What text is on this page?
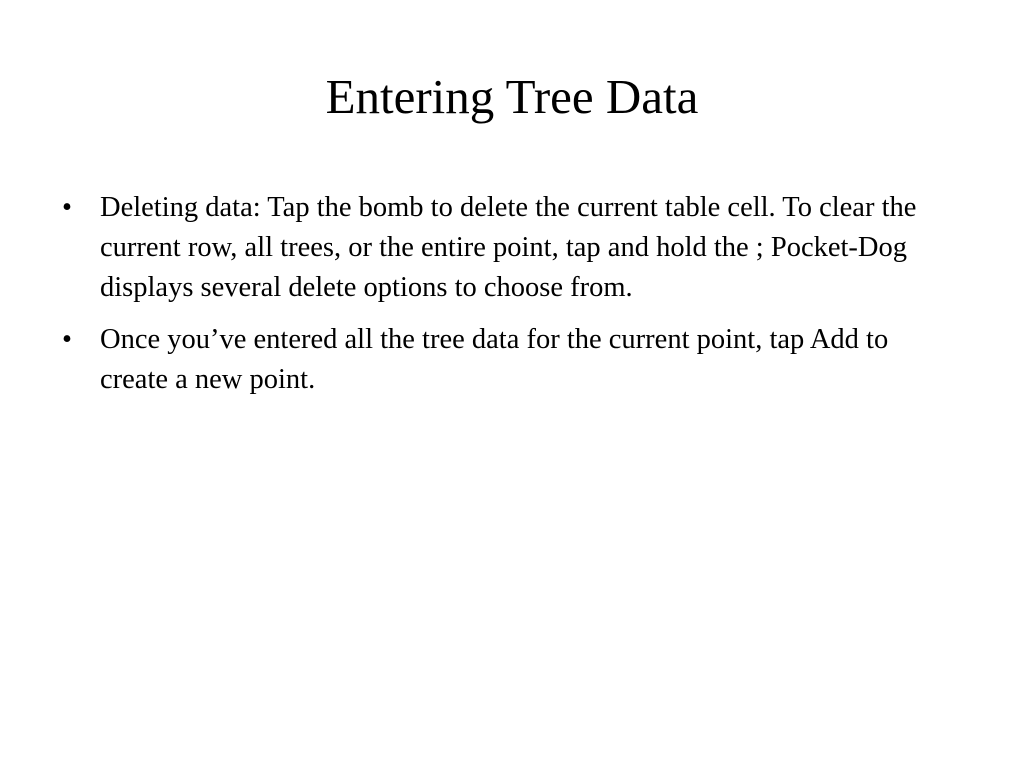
Entering Tree Data
• Deleting data: Tap the bomb to delete the current table cell. To clear the current row, all trees, or the entire point, tap and hold the ; Pocket-Dog displays several delete options to choose from.
• Once you’ve entered all the tree data for the current point, tap Add to create a new point.
